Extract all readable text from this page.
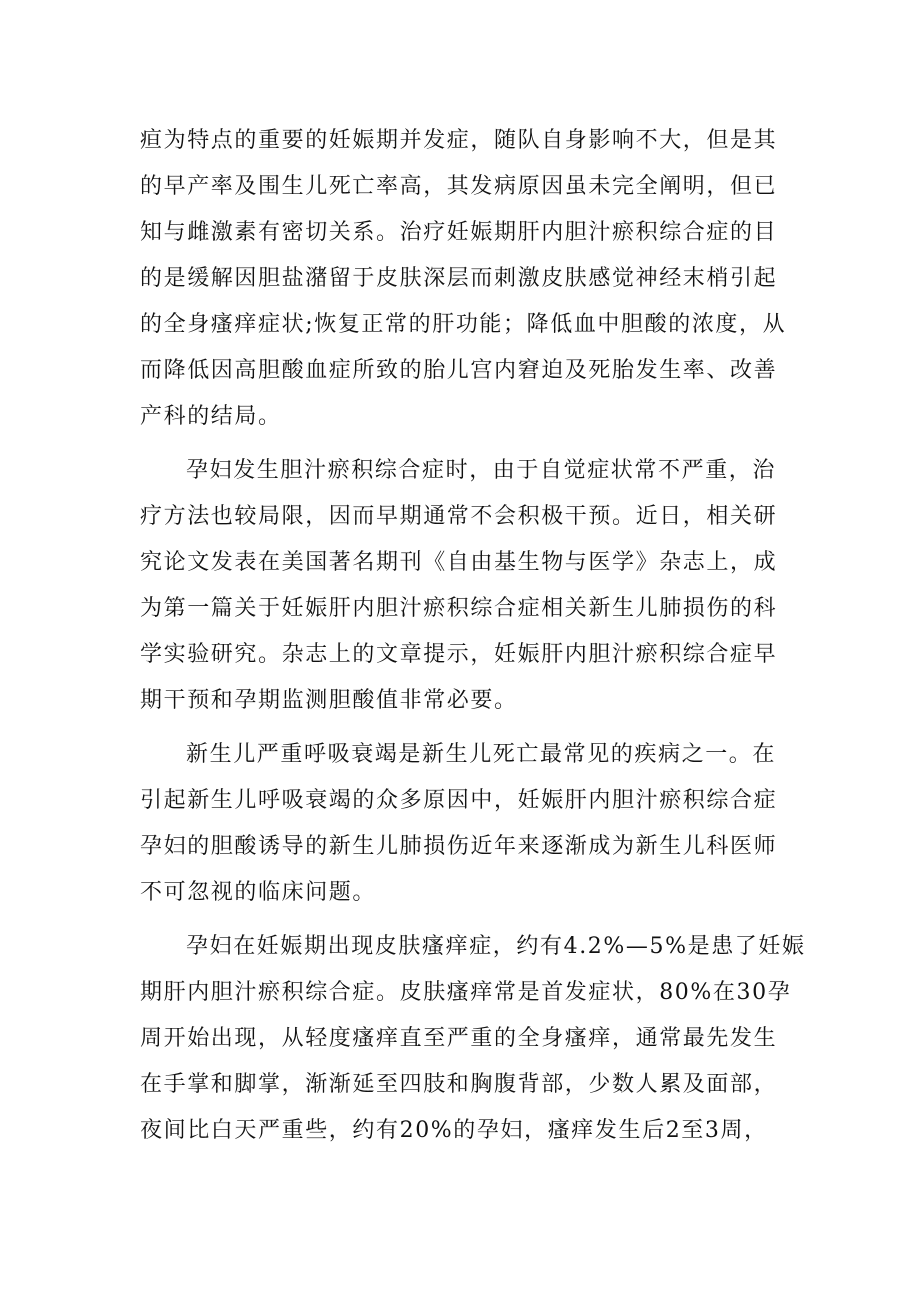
疸为特点的重要的妊娠期并发症，随队自身影响不大，但是其
的早产率及围生儿死亡率高，其发病原因虽未完全阐明，但已
知与雌激素有密切关系。治疗妊娠期肝内胆汁瘀积综合症的目
的是缓解因胆盐潴留于皮肤深层而刺激皮肤感觉神经末梢引起
的全身瘙痒症状;恢复正常的肝功能；降低血中胆酸的浓度，从
而降低因高胆酸血症所致的胎儿宫内窘迫及死胎发生率、改善
产科的结局。
孕妇发生胆汁瘀积综合症时，由于自觉症状常不严重，治
疗方法也较局限，因而早期通常不会积极干预。近日，相关研
究论文发表在美国著名期刊《自由基生物与医学》杂志上，成
为第一篇关于妊娠肝内胆汁瘀积综合症相关新生儿肺损伤的科
学实验研究。杂志上的文章提示，妊娠肝内胆汁瘀积综合症早
期干预和孕期监测胆酸值非常必要。
新生儿严重呼吸衰竭是新生儿死亡最常见的疾病之一。在
引起新生儿呼吸衰竭的众多原因中，妊娠肝内胆汁瘀积综合症
孕妇的胆酸诱导的新生儿肺损伤近年来逐渐成为新生儿科医师
不可忽视的临床问题。
孕妇在妊娠期出现皮肤瘙痒症，约有4.2%—5%是患了妊娠
期肝内胆汁瘀积综合症。皮肤瘙痒常是首发症状，80%在30孕
周开始出现，从轻度瘙痒直至严重的全身瘙痒，通常最先发生
在手掌和脚掌，渐渐延至四肢和胸腹背部，少数人累及面部，
夜间比白天严重些，约有20%的孕妇，瘙痒发生后2至3周，
